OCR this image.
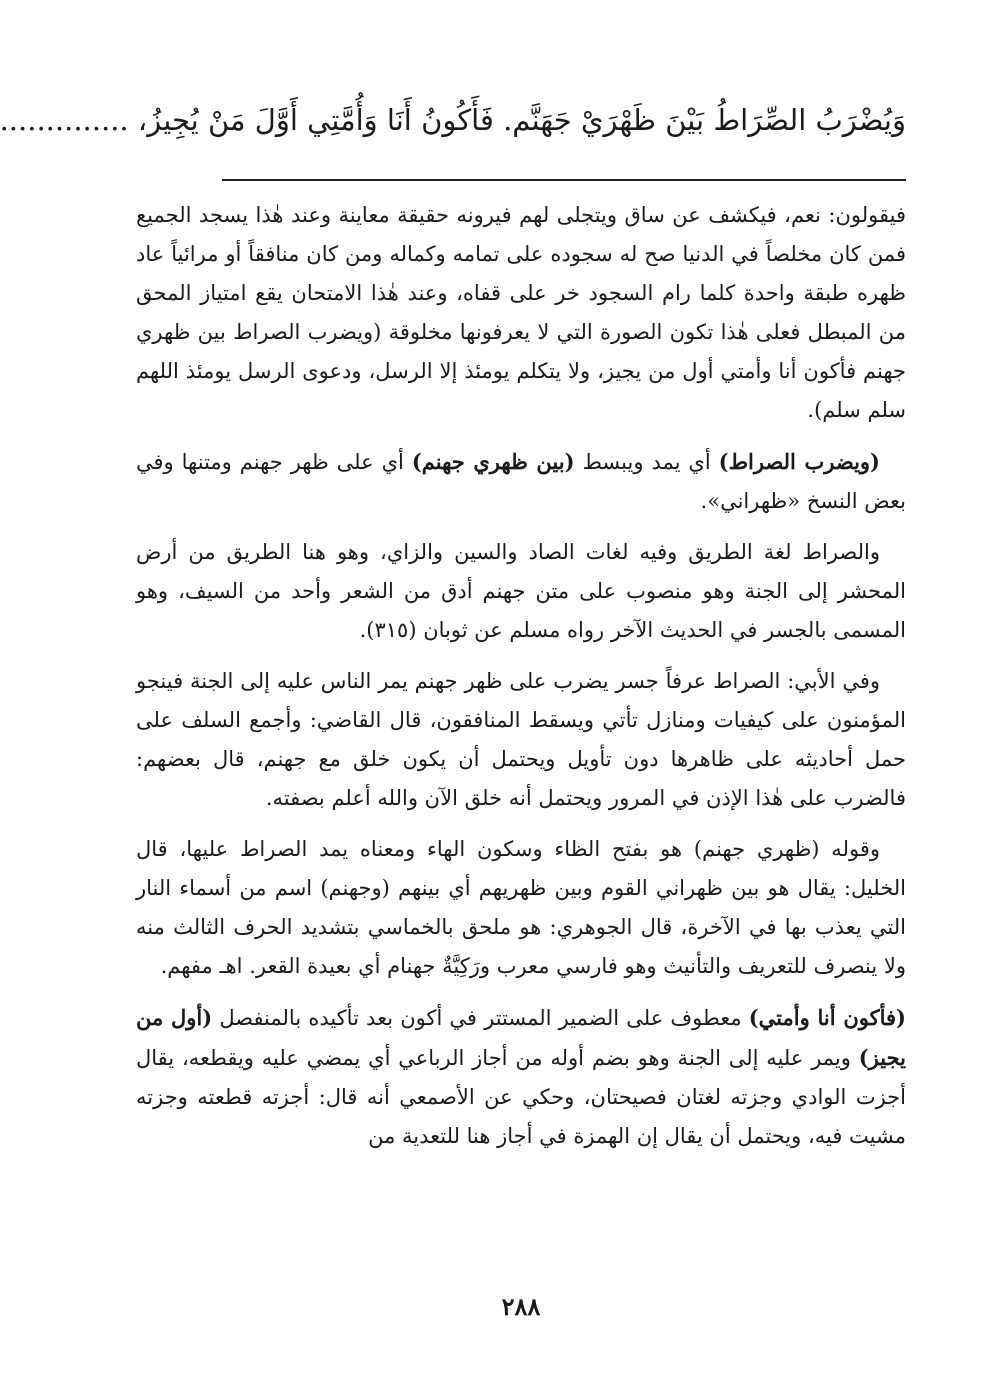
وَيُضْرَبُ الصِّرَاطُ بَيْنَ ظَهْرَيْ جَهَنَّم. فَأَكُونُ أَنَا وَأُمَّتِي أَوَّلَ مَنْ يُجِيزُ، ..............

فيقولون: نعم، فيكشف عن ساق ويتجلى لهم فيرونه حقيقة معاينة وعند هٰذا يسجد الجميع فمن كان مخلصاً في الدنيا صح له سجوده على تمامه وكماله ومن كان منافقاً أو مرائياً عاد ظهره طبقة واحدة كلما رام السجود خر على قفاه، وعند هٰذا الامتحان يقع امتياز المحق من المبطل فعلى هٰذا تكون الصورة التي لا يعرفونها مخلوقة (ويضرب الصراط بين ظهري جهنم فأكون أنا وأمتي أول من يجيز، ولا يتكلم يومئذ إلا الرسل، ودعوى الرسل يومئذ اللهم سلم سلم).

(ويضرب الصراط) أي يمد ويبسط (بين ظهري جهنم) أي على ظهر جهنم ومتنها وفي بعض النسخ «ظهراني».

والصراط لغة الطريق وفيه لغات الصاد والسين والزاي، وهو هنا الطريق من أرض المحشر إلى الجنة وهو منصوب على متن جهنم أدق من الشعر وأحد من السيف، وهو المسمى بالجسر في الحديث الآخر رواه مسلم عن ثوبان (٣١٥).

وفي الأبي: الصراط عرفاً جسر يضرب على ظهر جهنم يمر الناس عليه إلى الجنة فينجو المؤمنون على كيفيات ومنازل تأتي ويسقط المنافقون، قال القاضي: وأجمع السلف على حمل أحاديثه على ظاهرها دون تأويل ويحتمل أن يكون خلق مع جهنم، قال بعضهم: فالضرب على هٰذا الإذن في المرور ويحتمل أنه خلق الآن والله أعلم بصفته.

وقوله (ظهري جهنم) هو بفتح الظاء وسكون الهاء ومعناه يمد الصراط عليها، قال الخليل: يقال هو بين ظهراني القوم وبين ظهريهم أي بينهم (وجهنم) اسم من أسماء النار التي يعذب بها في الآخرة، قال الجوهري: هو ملحق بالخماسي بتشديد الحرف الثالث منه ولا ينصرف للتعريف والتأنيث وهو فارسي معرب ورَكِيَّةٌ جهنام أي بعيدة القعر. اهـ مفهم.

(فأكون أنا وأمتي) معطوف على الضمير المستتر في أكون بعد تأكيده بالمنفصل (أول من يجيز) ويمر عليه إلى الجنة وهو بضم أوله من أجاز الرباعي أي يمضي عليه ويقطعه، يقال أجزت الوادي وجزته لغتان فصيحتان، وحكي عن الأصمعي أنه قال: أجزته قطعته وجزته مشيت فيه، ويحتمل أن يقال إن الهمزة في أجاز هنا للتعدية من

٢٨٨
